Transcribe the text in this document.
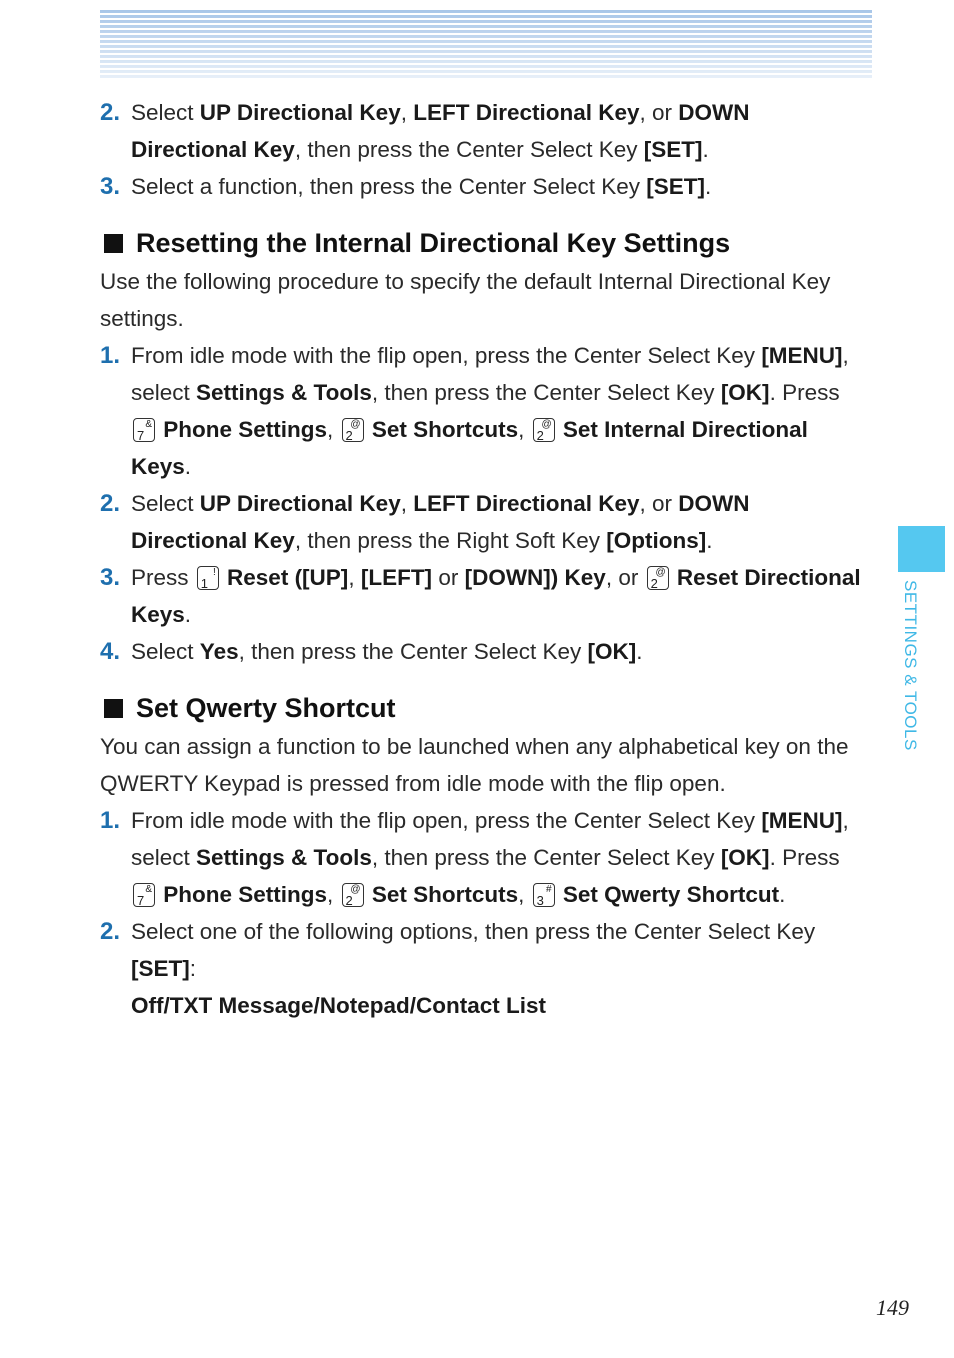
SETTINGS & TOOLS
2. Select UP Directional Key, LEFT Directional Key, or DOWN Directional Key, then press the Center Select Key [SET].
3. Select a function, then press the Center Select Key [SET].
Resetting the Internal Directional Key Settings
Use the following procedure to specify the default Internal Directional Key settings.
1. From idle mode with the flip open, press the Center Select Key [MENU], select Settings & Tools, then press the Center Select Key [OK]. Press
7
& Phone Settings, 2
@ Set Shortcuts, 2
@ Set Internal Directional Keys.
2. Select UP Directional Key, LEFT Directional Key, or DOWN Directional Key, then press the Right Soft Key [Options].
3. Press 1
! Reset ([UP], [LEFT] or [DOWN]) Key, or 2
@ Reset Directional Keys.
4. Select Yes, then press the Center Select Key [OK].
Set Qwerty Shortcut
You can assign a function to be launched when any alphabetical key on the QWERTY Keypad is pressed from idle mode with the flip open.
1. From idle mode with the flip open, press the Center Select Key [MENU], select Settings & Tools, then press the Center Select Key [OK]. Press
7
& Phone Settings, 2
@ Set Shortcuts, 3
# Set Qwerty Shortcut.
2. Select one of the following options, then press the Center Select Key [SET]:
Off/TXT Message/Notepad/Contact List
149
